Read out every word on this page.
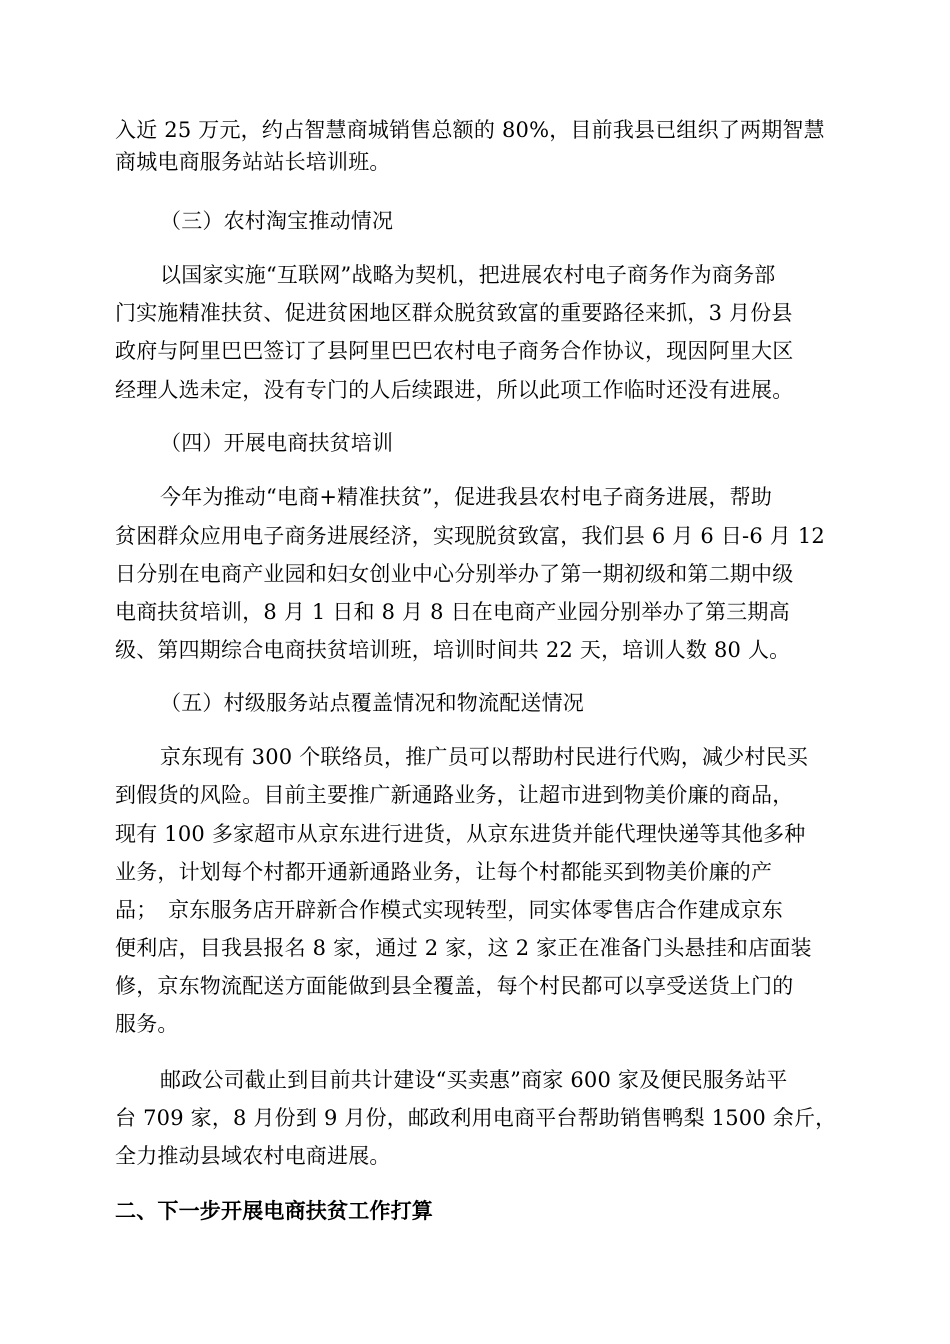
入近 25 万元，约占智慧商城销售总额的 80%，目前我县已组织了两期智慧

商城电商服务站站长培训班。

（三）农村淘宝推动情况

以国家实施“互联网”战略为契机，把进展农村电子商务作为商务部

门实施精准扶贫、促进贫困地区群众脱贫致富的重要路径来抓，3 月份县

政府与阿里巴巴签订了县阿里巴巴农村电子商务合作协议，现因阿里大区

经理人选未定，没有专门的人后续跟进，所以此项工作临时还没有进展。

（四）开展电商扶贫培训

今年为推动“电商+精准扶贫”，促进我县农村电子商务进展，帮助

贫困群众应用电子商务进展经济，实现脱贫致富，我们县 6 月 6 日-6 月 12

日分别在电商产业园和妇女创业中心分别举办了第一期初级和第二期中级

电商扶贫培训，8 月 1 日和 8 月 8 日在电商产业园分别举办了第三期高

级、第四期综合电商扶贫培训班，培训时间共 22 天，培训人数 80 人。

（五）村级服务站点覆盖情况和物流配送情况

京东现有 300 个联络员，推广员可以帮助村民进行代购，减少村民买

到假货的风险。目前主要推广新通路业务，让超市进到物美价廉的商品，

现有 100 多家超市从京东进行进货，从京东进货并能代理快递等其他多种

业务，计划每个村都开通新通路业务，让每个村都能买到物美价廉的产

品；　京东服务店开辟新合作模式实现转型，同实体零售店合作建成京东

便利店，目我县报名 8 家，通过 2 家，这 2 家正在准备门头悬挂和店面装

修，京东物流配送方面能做到县全覆盖，每个村民都可以享受送货上门的

服务。

邮政公司截止到目前共计建设“买卖惠”商家 600 家及便民服务站平

台 709 家，8 月份到 9 月份，邮政利用电商平台帮助销售鸭梨 1500 余斤，

全力推动县域农村电商进展。

二、下一步开展电商扶贫工作打算
